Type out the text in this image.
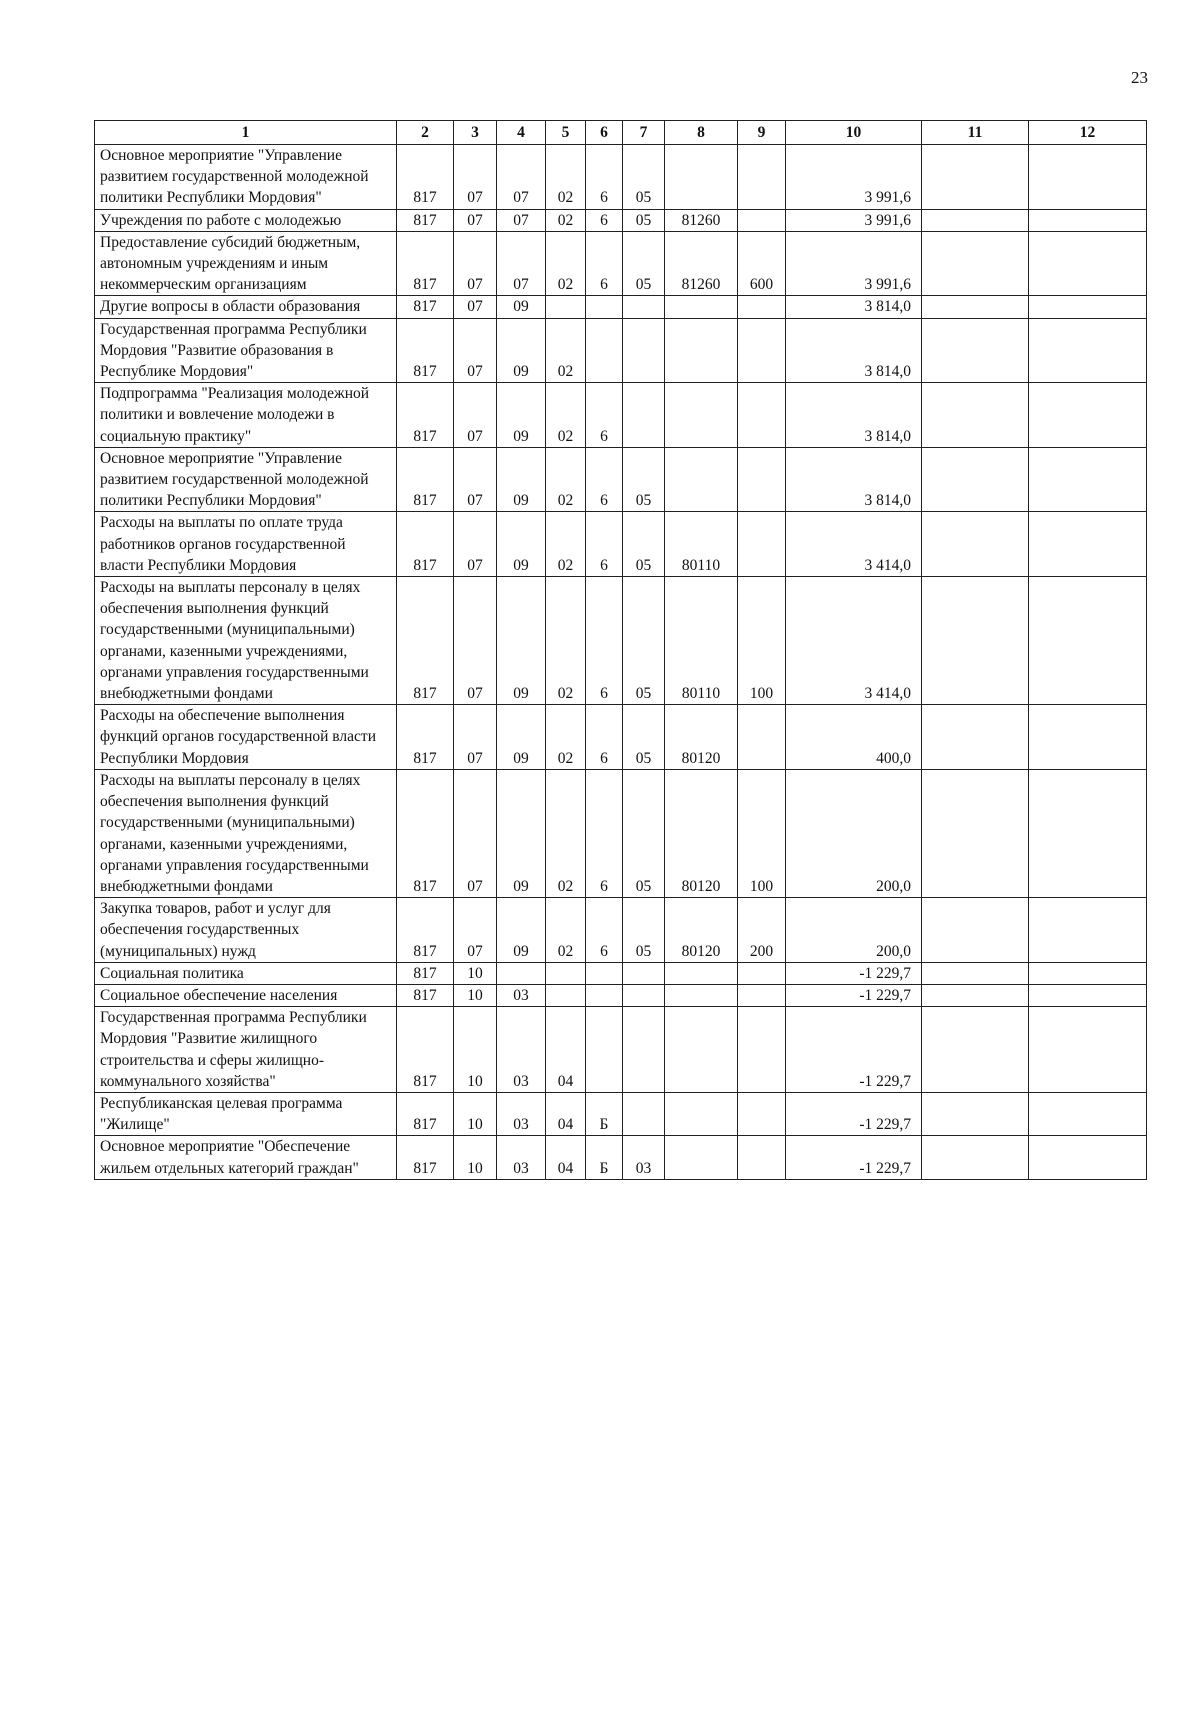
23
1	2	3	4	5	6	7	8	9	10	11	12
Основное мероприятие "Управление развитием государственной молодежной политики Республики Мордовия"	817	07	07	02	6	05			3 991,6		
Учреждения по работе с молодежью	817	07	07	02	6	05	81260		3 991,6		
Предоставление субсидий бюджетным, автономным учреждениям и иным некоммерческим организациям	817	07	07	02	6	05	81260	600	3 991,6		
Другие вопросы в области образования	817	07	09						3 814,0		
Государственная программа Республики Мордовия "Развитие образования в Республике Мордовия"	817	07	09	02					3 814,0		
Подпрограмма "Реализация молодежной политики и вовлечение молодежи в социальную практику"	817	07	09	02	6				3 814,0		
Основное мероприятие "Управление развитием государственной молодежной политики Республики Мордовия"	817	07	09	02	6	05			3 814,0		
Расходы на выплаты по оплате труда работников органов государственной власти Республики Мордовия	817	07	09	02	6	05	80110		3 414,0		
Расходы на выплаты персоналу в целях обеспечения выполнения функций государственными (муниципальными) органами, казенными учреждениями, органами управления государственными внебюджетными фондами	817	07	09	02	6	05	80110	100	3 414,0		
Расходы на обеспечение выполнения функций органов государственной власти Республики Мордовия	817	07	09	02	6	05	80120		400,0		
Расходы на выплаты персоналу в целях обеспечения выполнения функций государственными (муниципальными) органами, казенными учреждениями, органами управления государственными внебюджетными фондами	817	07	09	02	6	05	80120	100	200,0		
Закупка товаров, работ и услуг для обеспечения государственных (муниципальных) нужд	817	07	09	02	6	05	80120	200	200,0		
Социальная политика	817	10							-1 229,7		
Социальное обеспечение населения	817	10	03						-1 229,7		
Государственная программа Республики Мордовия "Развитие жилищного строительства и сферы жилищно-коммунального хозяйства"	817	10	03	04					-1 229,7		
Республиканская целевая программа "Жилище"	817	10	03	04	Б				-1 229,7		
Основное мероприятие "Обеспечение жильем отдельных категорий граждан"	817	10	03	04	Б	03			-1 229,7		
